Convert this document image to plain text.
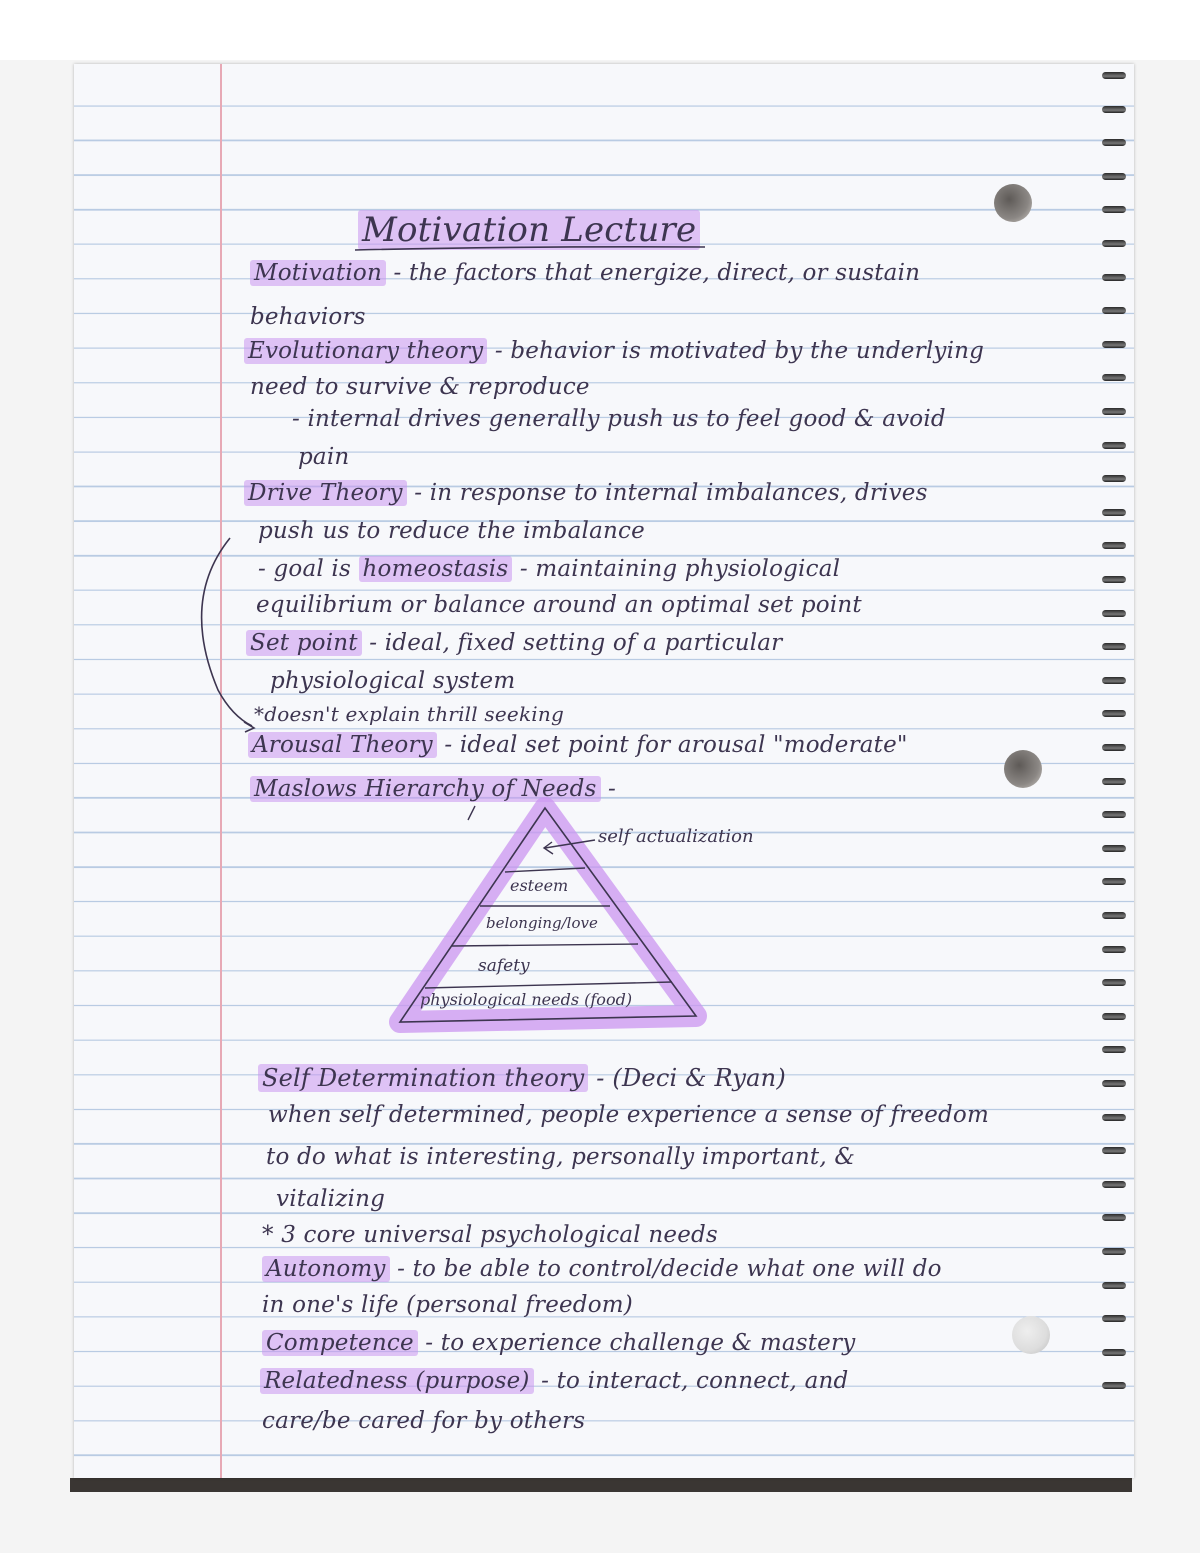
Motivation Lecture
Motivation - the factors that energize, direct, or sustain
behaviors
Evolutionary theory - behavior is motivated by the underlying
need to survive & reproduce
- internal drives generally push us to feel good & avoid
pain
Drive Theory - in response to internal imbalances, drives
push us to reduce the imbalance
- goal is homeostasis - maintaining physiological
equilibrium or balance around an optimal set point
Set point - ideal, fixed setting of a particular
physiological system
*doesn't explain thrill seeking
Arousal Theory - ideal set point for arousal "moderate"
Maslows Hierarchy of Needs -
physiological needs (food)
safety
belonging/love
esteem
self actualization
Self Determination theory - (Deci & Ryan)
when self determined, people experience a sense of freedom
to do what is interesting, personally important, &
vitalizing
* 3 core universal psychological needs
Autonomy - to be able to control/decide what one will do
in one's life (personal freedom)
Competence - to experience challenge & mastery
Relatedness (purpose) - to interact, connect, and
care/be cared for by others
